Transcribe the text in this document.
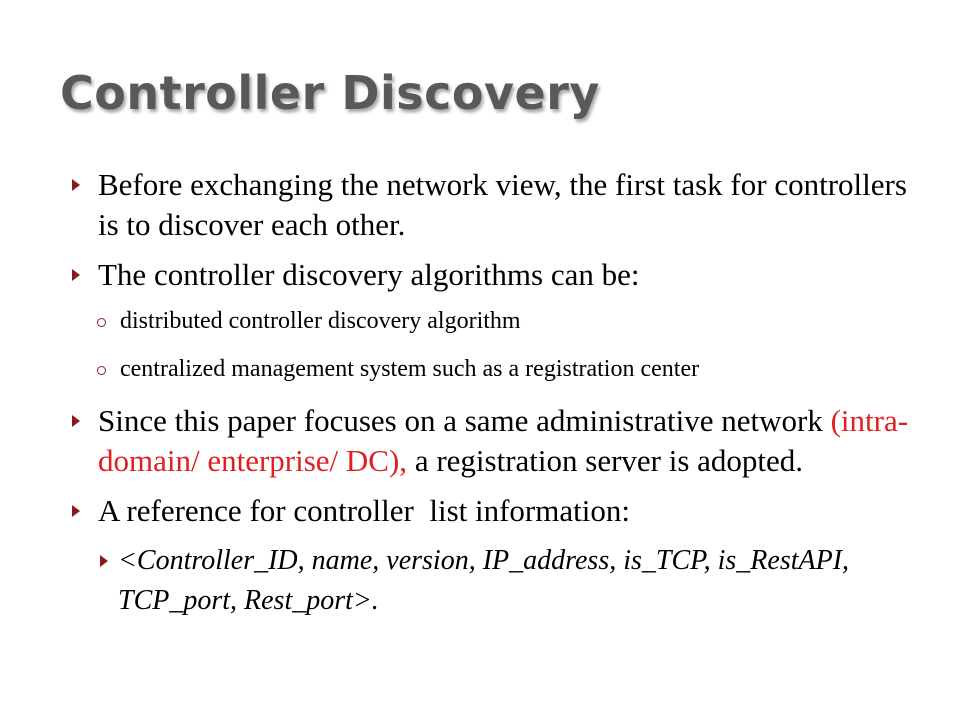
Controller Discovery
Before exchanging the network view, the first task for controllers is to discover each other.
The controller discovery algorithms can be:
distributed controller discovery algorithm
centralized management system such as a registration center
Since this paper focuses on a same administrative network (intra-domain/ enterprise/ DC), a registration server is adopted.
A reference for controller  list information:
<Controller_ID, name, version, IP_address, is_TCP, is_RestAPI, TCP_port, Rest_port>.
